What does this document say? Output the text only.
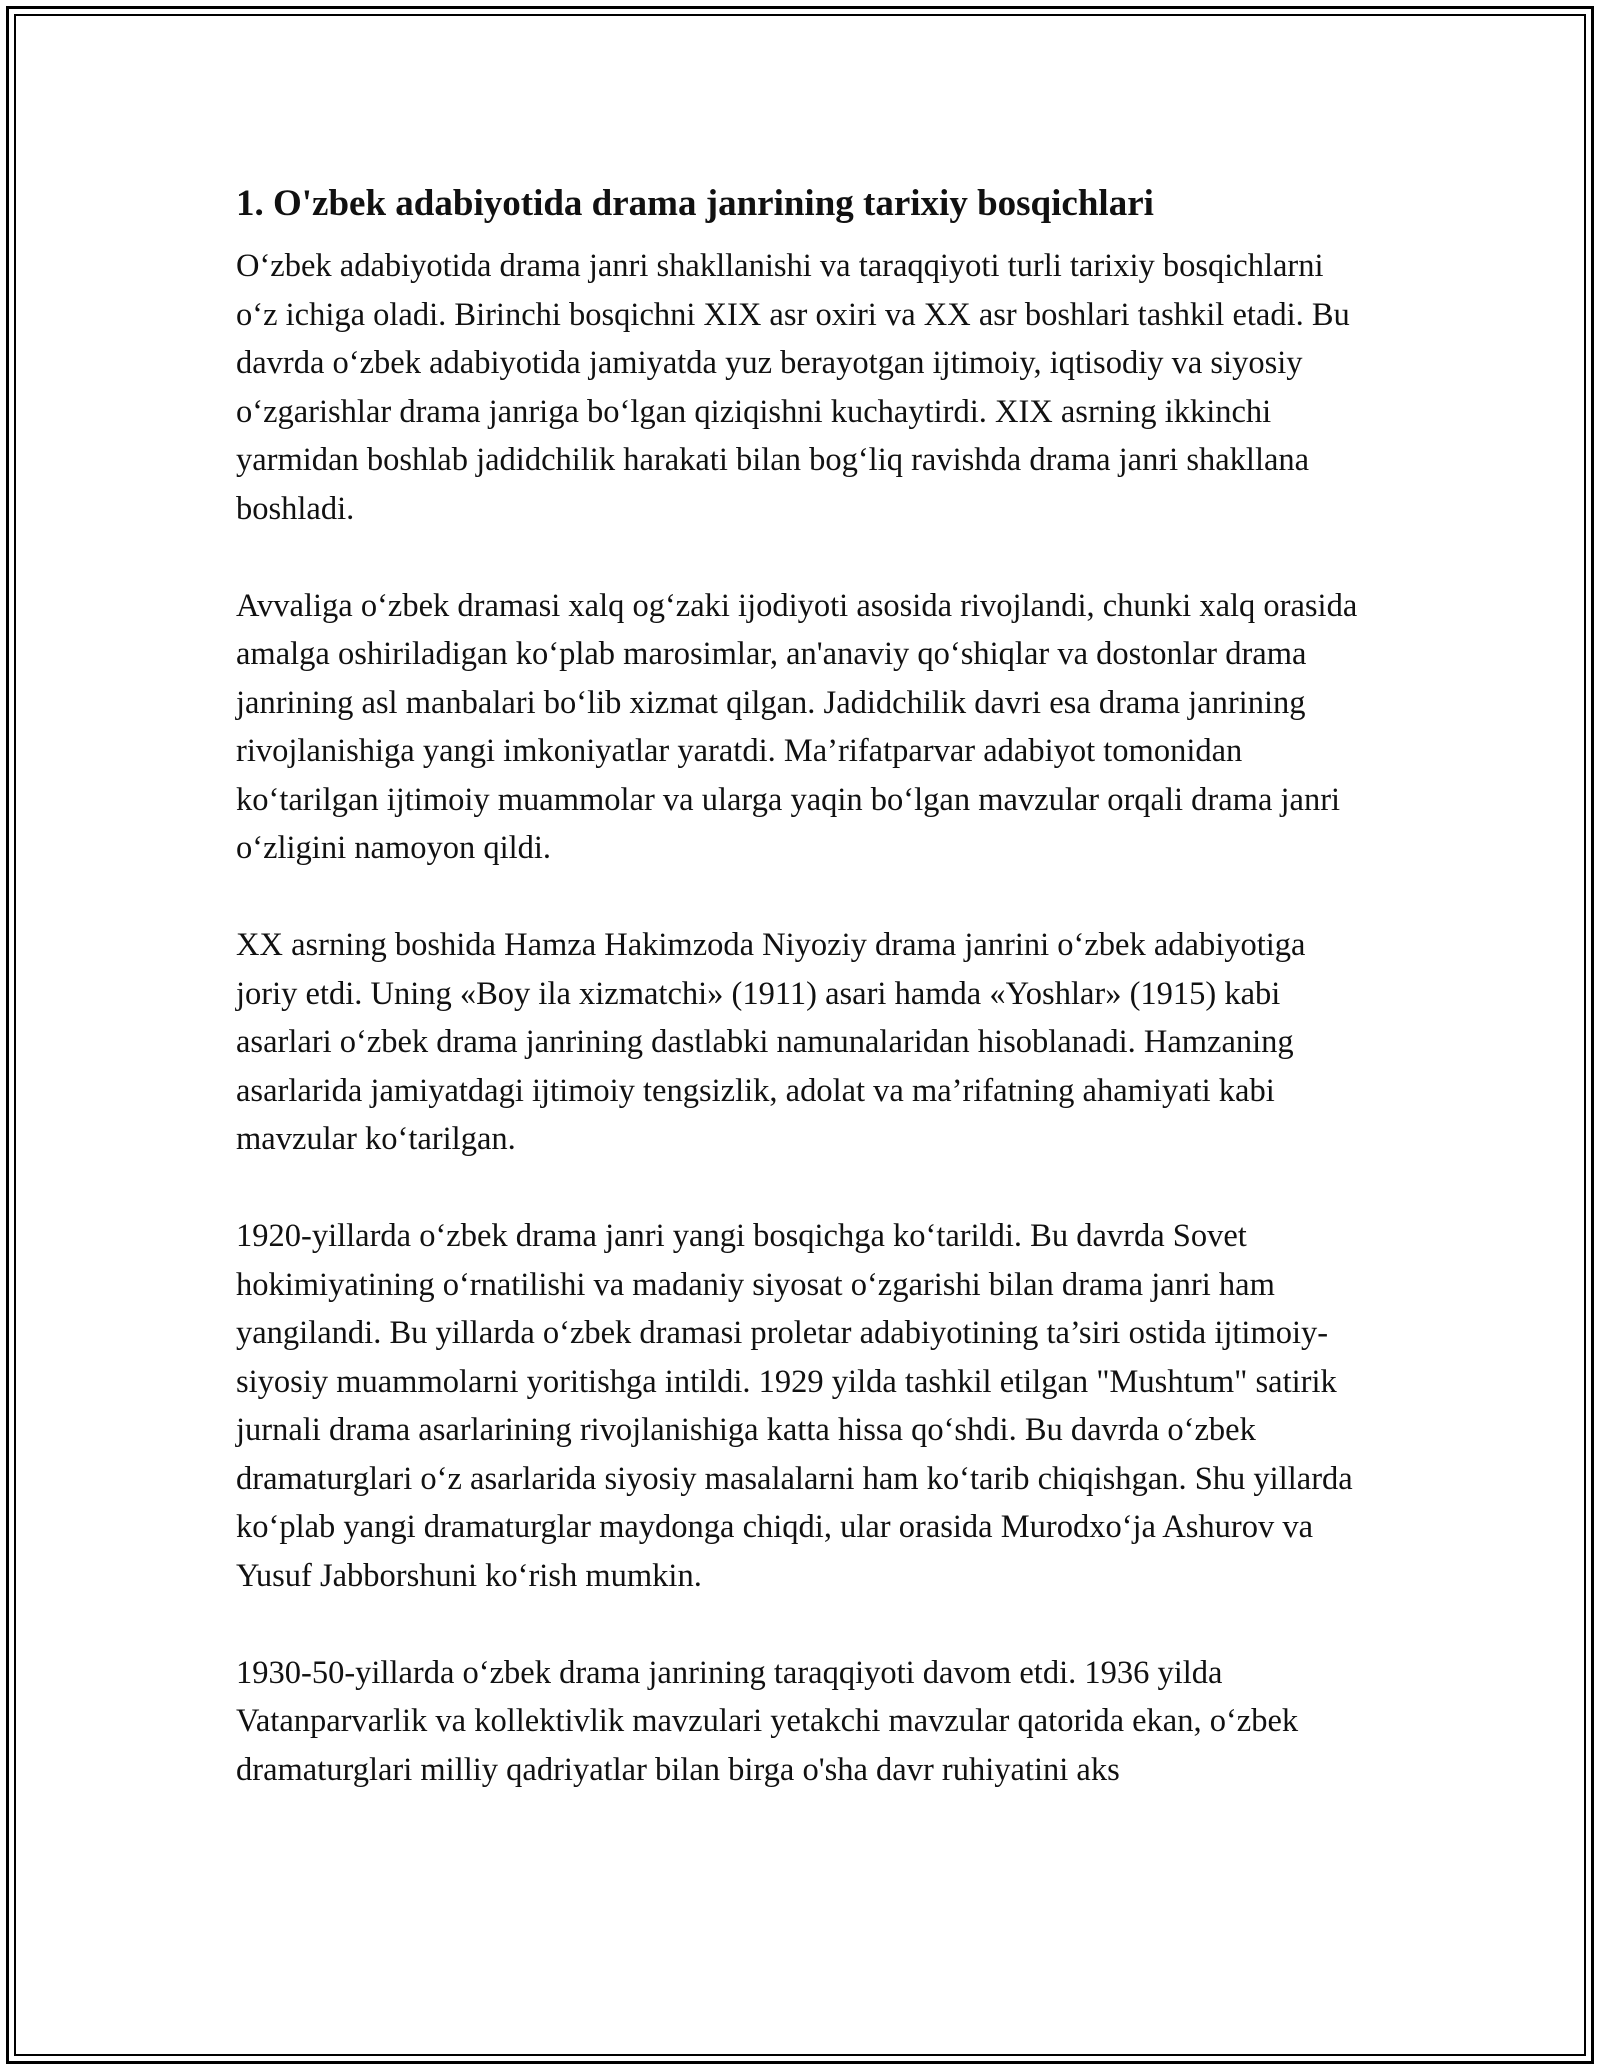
1. O'zbek adabiyotida drama janrining tarixiy bosqichlari

Oʻzbek adabiyotida drama janri shakllanishi va taraqqiyoti turli tarixiy bosqichlarni oʻz ichiga oladi. Birinchi bosqichni XIX asr oxiri va XX asr boshlari tashkil etadi. Bu davrda oʻzbek adabiyotida jamiyatda yuz berayotgan ijtimoiy, iqtisodiy va siyosiy oʻzgarishlar drama janriga boʻlgan qiziqishni kuchaytirdi. XIX asrning ikkinchi yarmidan boshlab jadidchilik harakati bilan bogʻliq ravishda drama janri shakllana boshladi.

Avvaliga oʻzbek dramasi xalq ogʻzaki ijodiyoti asosida rivojlandi, chunki xalq orasida amalga oshiriladigan koʻplab marosimlar, an'anaviy qoʻshiqlar va dostonlar drama janrining asl manbalari boʻlib xizmat qilgan. Jadidchilik davri esa drama janrining rivojlanishiga yangi imkoniyatlar yaratdi. Ma’rifatparvar adabiyot tomonidan koʻtarilgan ijtimoiy muammolar va ularga yaqin boʻlgan mavzular orqali drama janri oʻzligini namoyon qildi.

XX asrning boshida Hamza Hakimzoda Niyoziy drama janrini oʻzbek adabiyotiga joriy etdi. Uning «Boy ila xizmatchi» (1911) asari hamda «Yoshlar» (1915) kabi asarlari oʻzbek drama janrining dastlabki namunalaridan hisoblanadi. Hamzaning asarlarida jamiyatdagi ijtimoiy tengsizlik, adolat va ma’rifatning ahamiyati kabi mavzular koʻtarilgan.

1920-yillarda oʻzbek drama janri yangi bosqichga koʻtarildi. Bu davrda Sovet hokimiyatining oʻrnatilishi va madaniy siyosat oʻzgarishi bilan drama janri ham yangilandi. Bu yillarda oʻzbek dramasi proletar adabiyotining ta’siri ostida ijtimoiy-siyosiy muammolarni yoritishga intildi. 1929 yilda tashkil etilgan "Mushtum" satirik jurnali drama asarlarining rivojlanishiga katta hissa qoʻshdi. Bu davrda oʻzbek dramaturglari oʻz asarlarida siyosiy masalalarni ham koʻtarib chiqishgan. Shu yillarda koʻplab yangi dramaturglar maydonga chiqdi, ular orasida Murodxoʻja Ashurov va Yusuf Jabborshuni koʻrish mumkin.

1930-50-yillarda oʻzbek drama janrining taraqqiyoti davom etdi. 1936 yilda Vatanparvarlik va kollektivlik mavzulari yetakchi mavzular qatorida ekan, oʻzbek dramaturglari milliy qadriyatlar bilan birga o'sha davr ruhiyatini aks
